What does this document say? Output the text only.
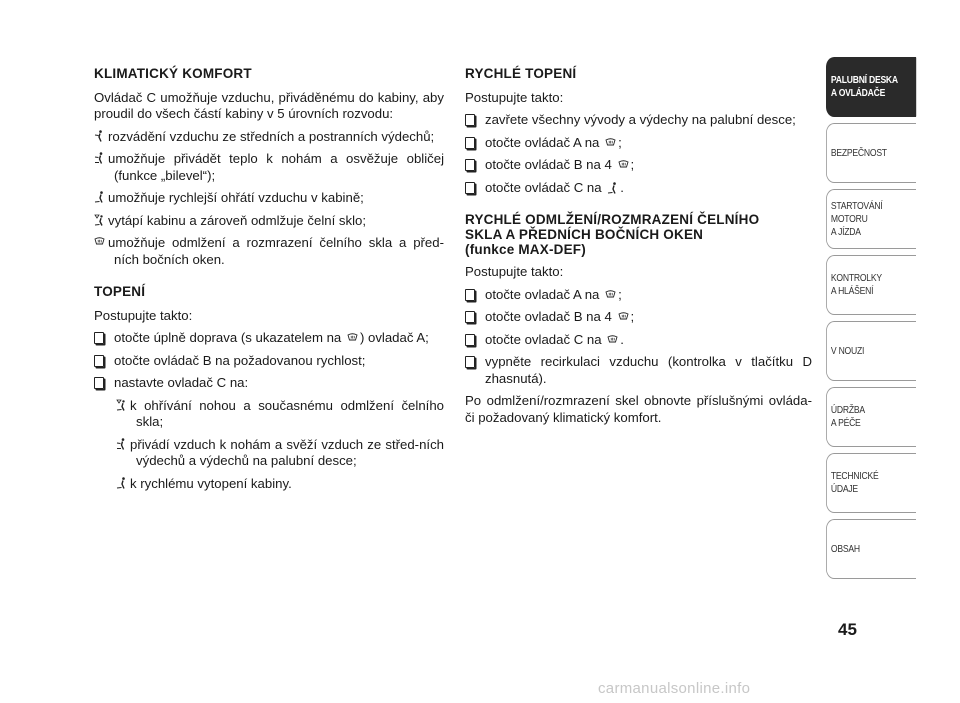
KLIMATICKÝ KOMFORT

Ovládač C umožňuje vzduchu, přiváděnému do kabiny, aby proudil do všech částí kabiny v 5 úrovních rozvodu:

rozvádění vzduchu ze středních a postranních výdechů;
umožňuje přivádět teplo k nohám a osvěžuje obličej (funkce „bilevel“);
umožňuje rychlejší ohřátí vzduchu v kabině;
vytápí kabinu a zároveň odmlžuje čelní sklo;
umožňuje odmlžení a rozmrazení čelního skla a před-ních bočních oken.
TOPENÍ

Postupujte takto:

otočte úplně doprava (s ukazatelem na ) ovladač A;
otočte ovládač B na požadovanou rychlost;
nastavte ovladač C na:
k ohřívání nohou a současnému odmlžení čelního skla;
přivádí vzduch k nohám a svěží vzduch ze střed-ních výdechů a výdechů na palubní desce;
k rychlému vytopení kabiny.
RYCHLÉ TOPENÍ

Postupujte takto:

zavřete všechny vývody a výdechy na palubní desce;
otočte ovládač A na ;
otočte ovládač B na 4 ;
otočte ovládač C na .
RYCHLÉ ODMLŽENÍ/ROZMRAZENÍ ČELNÍHO
SKLA A PŘEDNÍCH BOČNÍCH OKEN
(funkce MAX-DEF)

Postupujte takto:

otočte ovladač A na ;
otočte ovladač B na 4 ;
otočte ovladač C na .
vypněte recirkulaci vzduchu (kontrolka v tlačítku D zhasnutá).

Po odmlžení/rozmrazení skel obnovte příslušnými ovláda-či požadovaný klimatický komfort.

PALUBNÍ DESKA
A OVLÁDAČE
BEZPEČNOST
STARTOVÁNÍ
MOTORU
A JÍZDA
KONTROLKY
A HLÁŠENÍ
V NOUZI
ÚDRŽBA
A PÉČE
TECHNICKÉ
ÚDAJE
OBSAH
45
carmanualsonline.info
